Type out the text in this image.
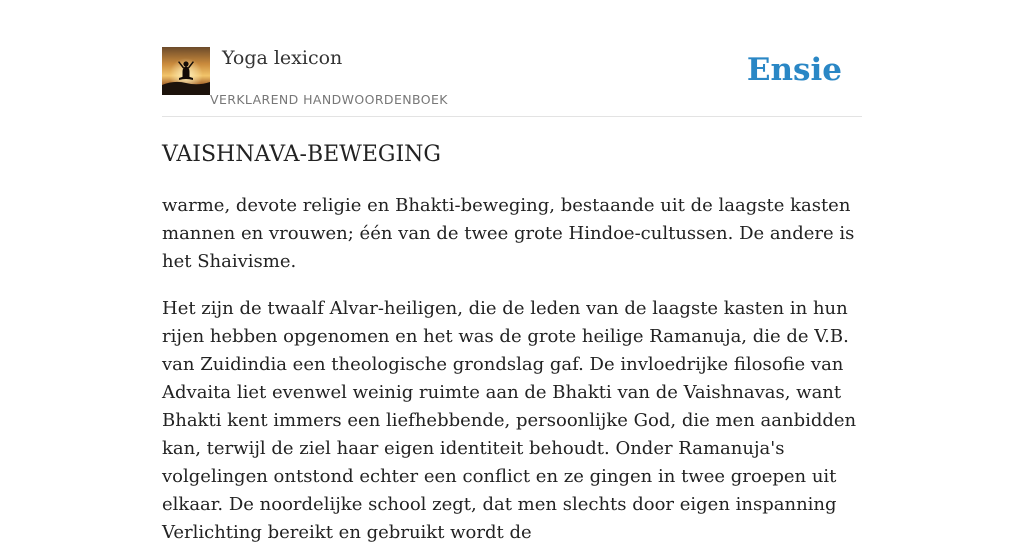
Yoga lexicon
VERKLAREND HANDWOORDENBOEK
Ensie
VAISHNAVA-BEWEGING

warme, devote religie en Bhakti-beweging, bestaande uit de laagste kasten mannen en vrouwen; één van de twee grote Hindoe-cultussen. De andere is het Shaivisme.

Het zijn de twaalf Alvar-heiligen, die de leden van de laagste kasten in hun rijen hebben opgenomen en het was de grote heilige Ramanuja, die de V.B. van Zuidindia een theologische grondslag gaf. De invloedrijke filosofie van Advaita liet evenwel weinig ruimte aan de Bhakti van de Vaishnavas, want Bhakti kent immers een liefhebbende, persoonlijke God, die men aanbidden kan, terwijl de ziel haar eigen identiteit behoudt. Onder Ramanuja's volgelingen ontstond echter een conflict en ze gingen in twee groepen uit elkaar. De noordelijke school zegt, dat men slechts door eigen inspanning Verlichting bereikt en gebruikt wordt de
